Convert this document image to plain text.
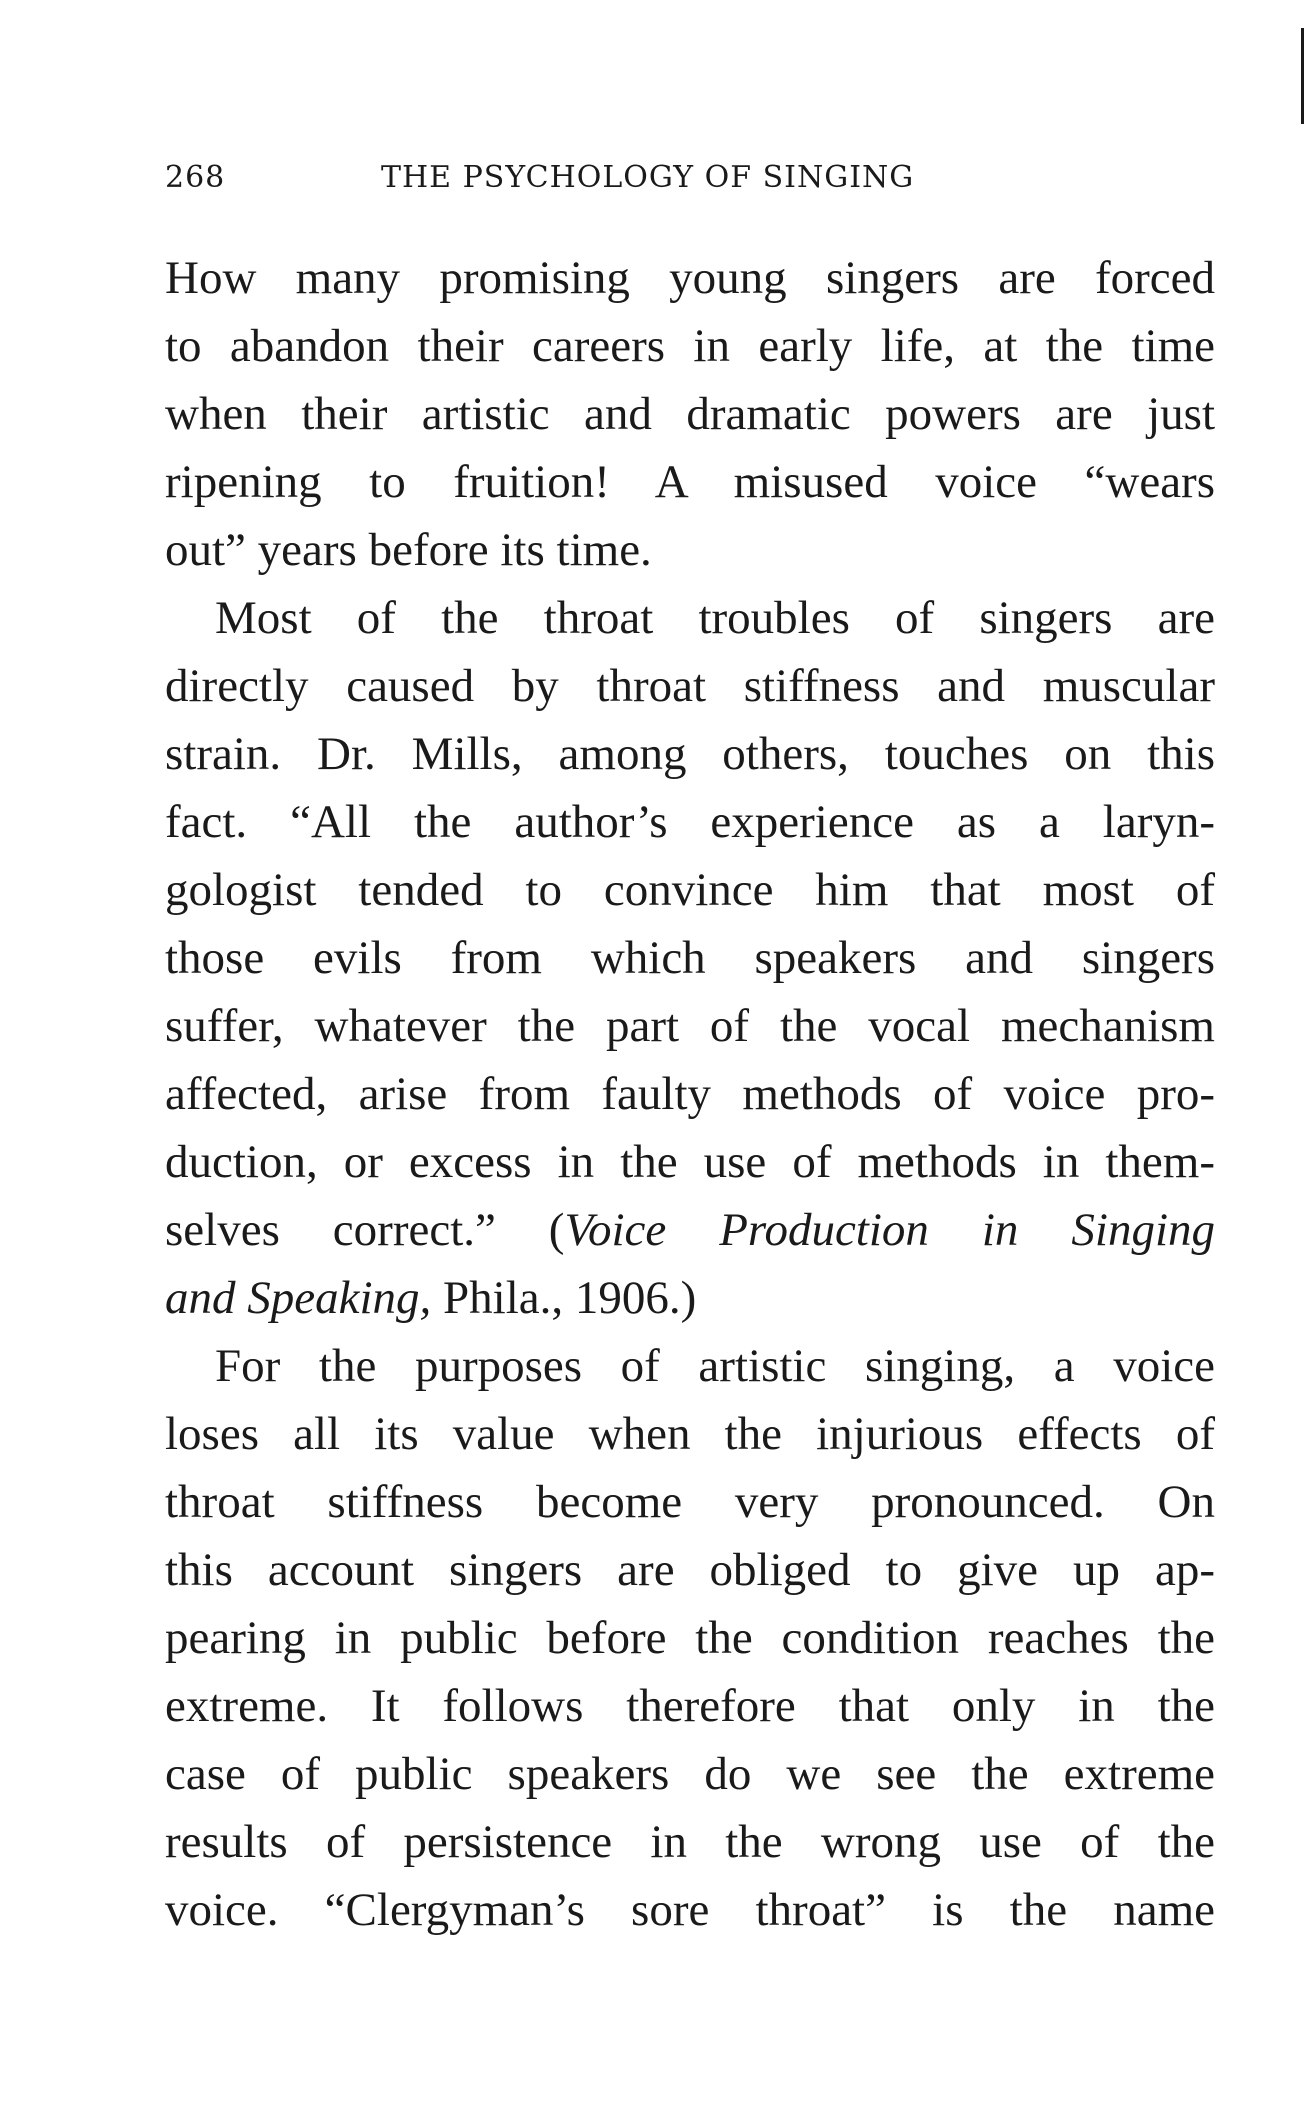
268	THE PSYCHOLOGY OF SINGING

How many promising young singers are forced
to abandon their careers in early life, at the time
when their artistic and dramatic powers are just
ripening to fruition! A misused voice “wears
out” years before its time.

Most of the throat troubles of singers are
directly caused by throat stiffness and muscular
strain. Dr. Mills, among others, touches on this
fact. “All the author’s experience as a laryn-
gologist tended to convince him that most of
those evils from which speakers and singers
suffer, whatever the part of the vocal mechanism
affected, arise from faulty methods of voice pro-
duction, or excess in the use of methods in them-
selves correct.” (Voice Production in Singing
and Speaking, Phila., 1906.)

For the purposes of artistic singing, a voice
loses all its value when the injurious effects of
throat stiffness become very pronounced. On
this account singers are obliged to give up ap-
pearing in public before the condition reaches the
extreme. It follows therefore that only in the
case of public speakers do we see the extreme
results of persistence in the wrong use of the
voice. “Clergyman’s sore throat” is the name
